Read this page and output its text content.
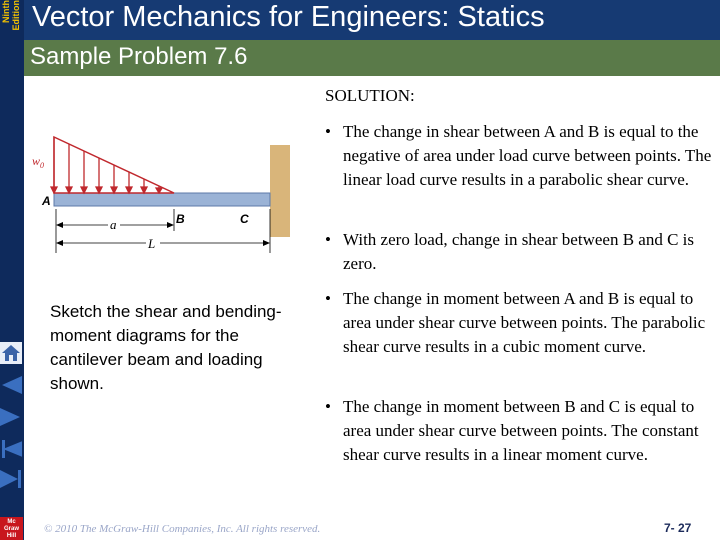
Ninth Edition
Mc
Graw
Hill
Vector Mechanics for Engineers: Statics
Sample Problem 7.6
$w_0$
A
B	C
a
L
Sketch the shear and bending-moment diagrams for the cantilever beam and loading shown.
SOLUTION:
• The change in shear between A and B is equal to the negative of area under load curve between points. The linear load curve results in a parabolic shear curve.
• With zero load, change in shear between B and C is zero.
• The change in moment between A and B is equal to area under shear curve between points. The parabolic shear curve results in a cubic moment curve.
• The change in moment between B and C is equal to area under shear curve between points. The constant shear curve results in a linear moment curve.
© 2010 The McGraw-Hill Companies, Inc. All rights reserved.	7- 27
